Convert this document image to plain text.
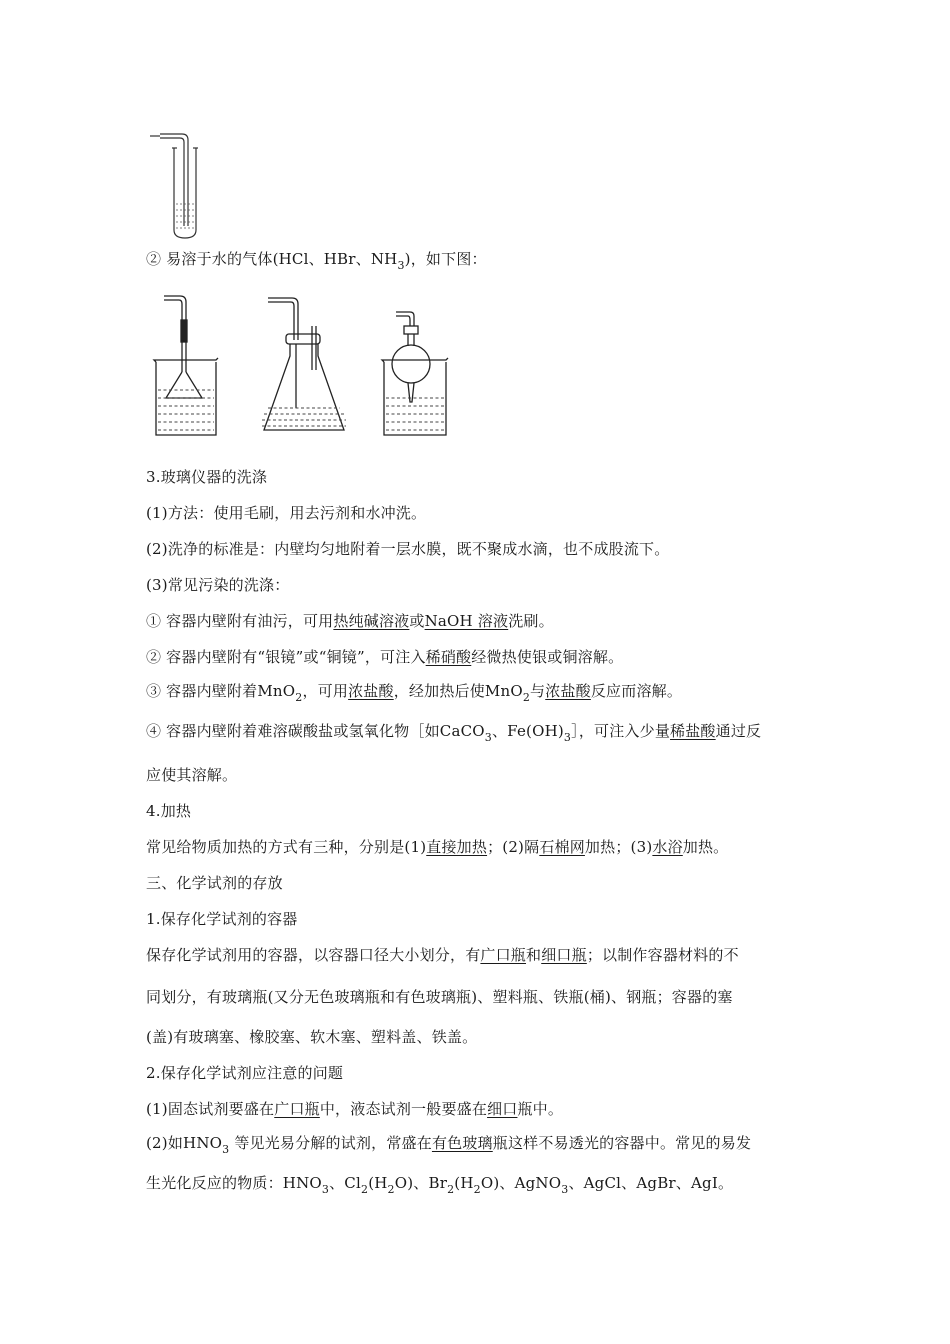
② 易溶于水的气体(HCl、HBr、$NH_3$)，如下图：
3.玻璃仪器的洗涤
(1)方法：使用毛刷，用去污剂和水冲洗。
(2)洗净的标准是：内壁均匀地附着一层水膜，既不聚成水滴，也不成股流下。
(3)常见污染的洗涤：
① 容器内壁附有油污，可用热纯碱溶液或NaOH 溶液洗刷。
② 容器内壁附有“银镜”或“铜镜”，可注入稀硝酸经微热使银或铜溶解。
③ 容器内壁附着MnO$_2$，可用浓盐酸，经加热后使MnO$_2$与浓盐酸反应而溶解。
④ 容器内壁附着难溶碳酸盐或氢氧化物［如CaCO$_3$、$Fe(OH)_3]$，可注入少量稀盐酸通过反
应使其溶解。
4.加热
常见给物质加热的方式有三种，分别是(1)直接加热；(2)隔石棉网加热；(3)水浴加热。
三、化学试剂的存放
1.保存化学试剂的容器
保存化学试剂用的容器，以容器口径大小划分，有广口瓶和细口瓶；以制作容器材料的不
同划分，有玻璃瓶(又分无色玻璃瓶和有色玻璃瓶)、塑料瓶、铁瓶(桶)、钢瓶；容器的塞
(盖)有玻璃塞、橡胶塞、软木塞、塑料盖、铁盖。
2.保存化学试剂应注意的问题
(1)固态试剂要盛在广口瓶中，液态试剂一般要盛在细口瓶中。
(2)如$HNO_3$ 等见光易分解的试剂，常盛在有色玻璃瓶这样不易透光的容器中。常见的易发
生光化反应的物质：$HNO_3$、$Cl_2(H_2O)$、$Br_2(H_2O)$、AgNO$_3$、AgCl、AgBr、AgI。
